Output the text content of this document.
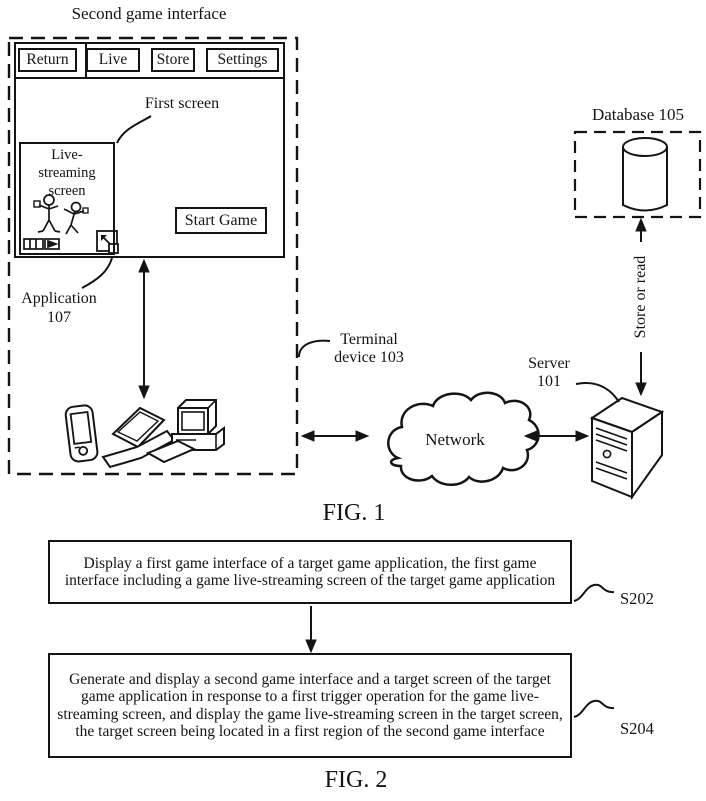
Second game interface
Return	Live	Store	Settings
First screen
Live-
streaming
screen
Start Game
Application
107
Terminal
device 103
Network
Server
101
Database 105
Store or read
FIG. 1
Display a first game interface of a target game application, the first game interface including a game live-streaming screen of the target game application
S202
Generate and display a second game interface and a target screen of the target game application in response to a first trigger operation for the game live-streaming screen, and display the game live-streaming screen in the target screen, the target screen being located in a first region of the second game interface	S204
FIG. 2
